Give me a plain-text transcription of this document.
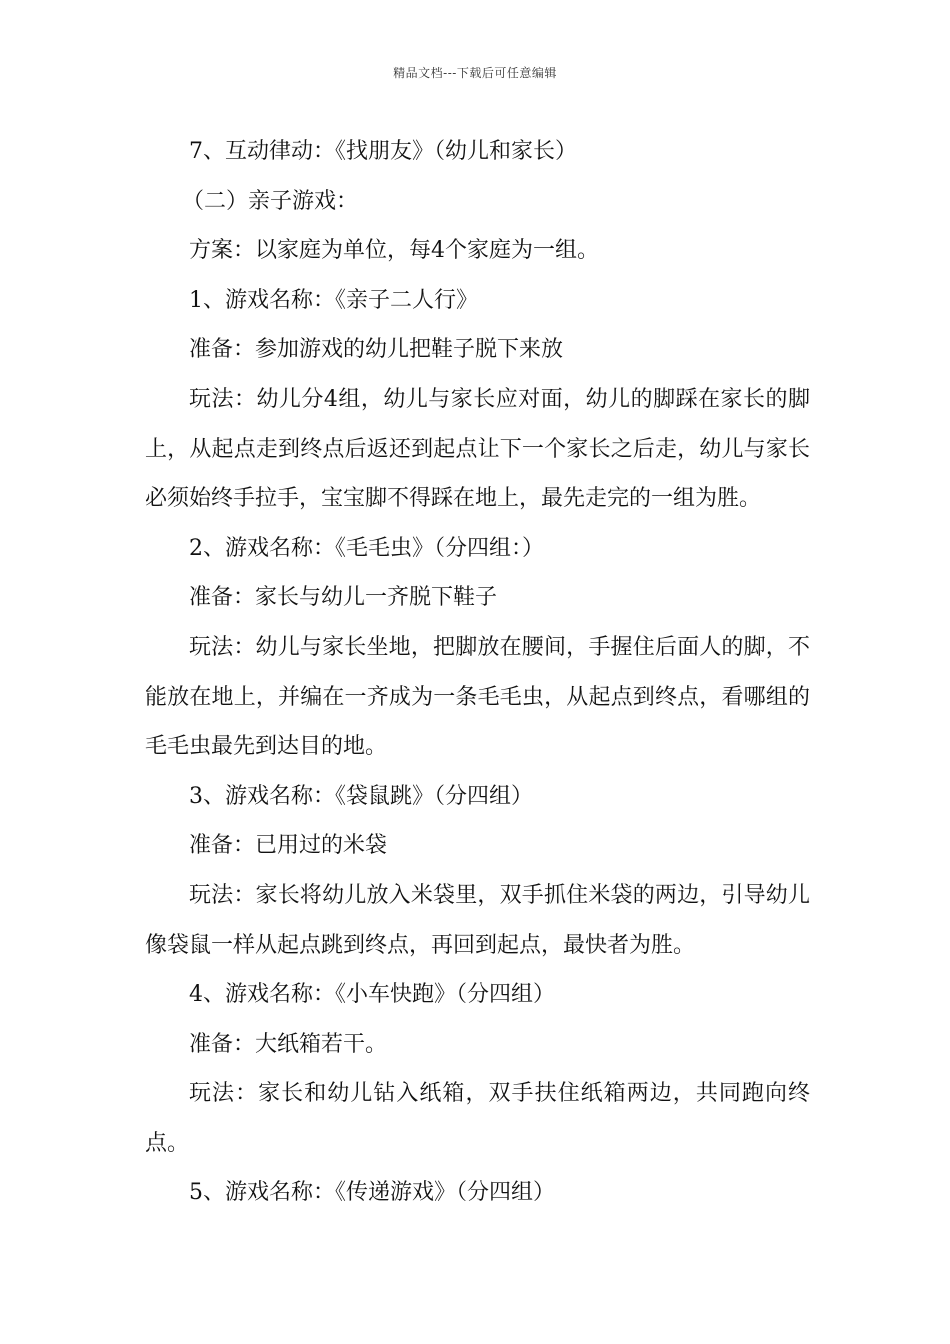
精品文档---下载后可任意编辑

7、互动律动：《找朋友》（幼儿和家长）

（二）亲子游戏：

方案：以家庭为单位，每4个家庭为一组。

1、游戏名称：《亲子二人行》

准备：参加游戏的幼儿把鞋子脱下来放

玩法：幼儿分4组，幼儿与家长应对面，幼儿的脚踩在家长的脚上，从起点走到终点后返还到起点让下一个家长之后走，幼儿与家长必须始终手拉手，宝宝脚不得踩在地上，最先走完的一组为胜。

2、游戏名称：《毛毛虫》（分四组：）

准备：家长与幼儿一齐脱下鞋子

玩法：幼儿与家长坐地，把脚放在腰间，手握住后面人的脚，不能放在地上，并编在一齐成为一条毛毛虫，从起点到终点，看哪组的毛毛虫最先到达目的地。

3、游戏名称：《袋鼠跳》（分四组）

准备：已用过的米袋

玩法：家长将幼儿放入米袋里，双手抓住米袋的两边，引导幼儿像袋鼠一样从起点跳到终点，再回到起点，最快者为胜。

4、游戏名称：《小车快跑》（分四组）

准备：大纸箱若干。

玩法：家长和幼儿钻入纸箱，双手扶住纸箱两边，共同跑向终点。

5、游戏名称：《传递游戏》（分四组）
